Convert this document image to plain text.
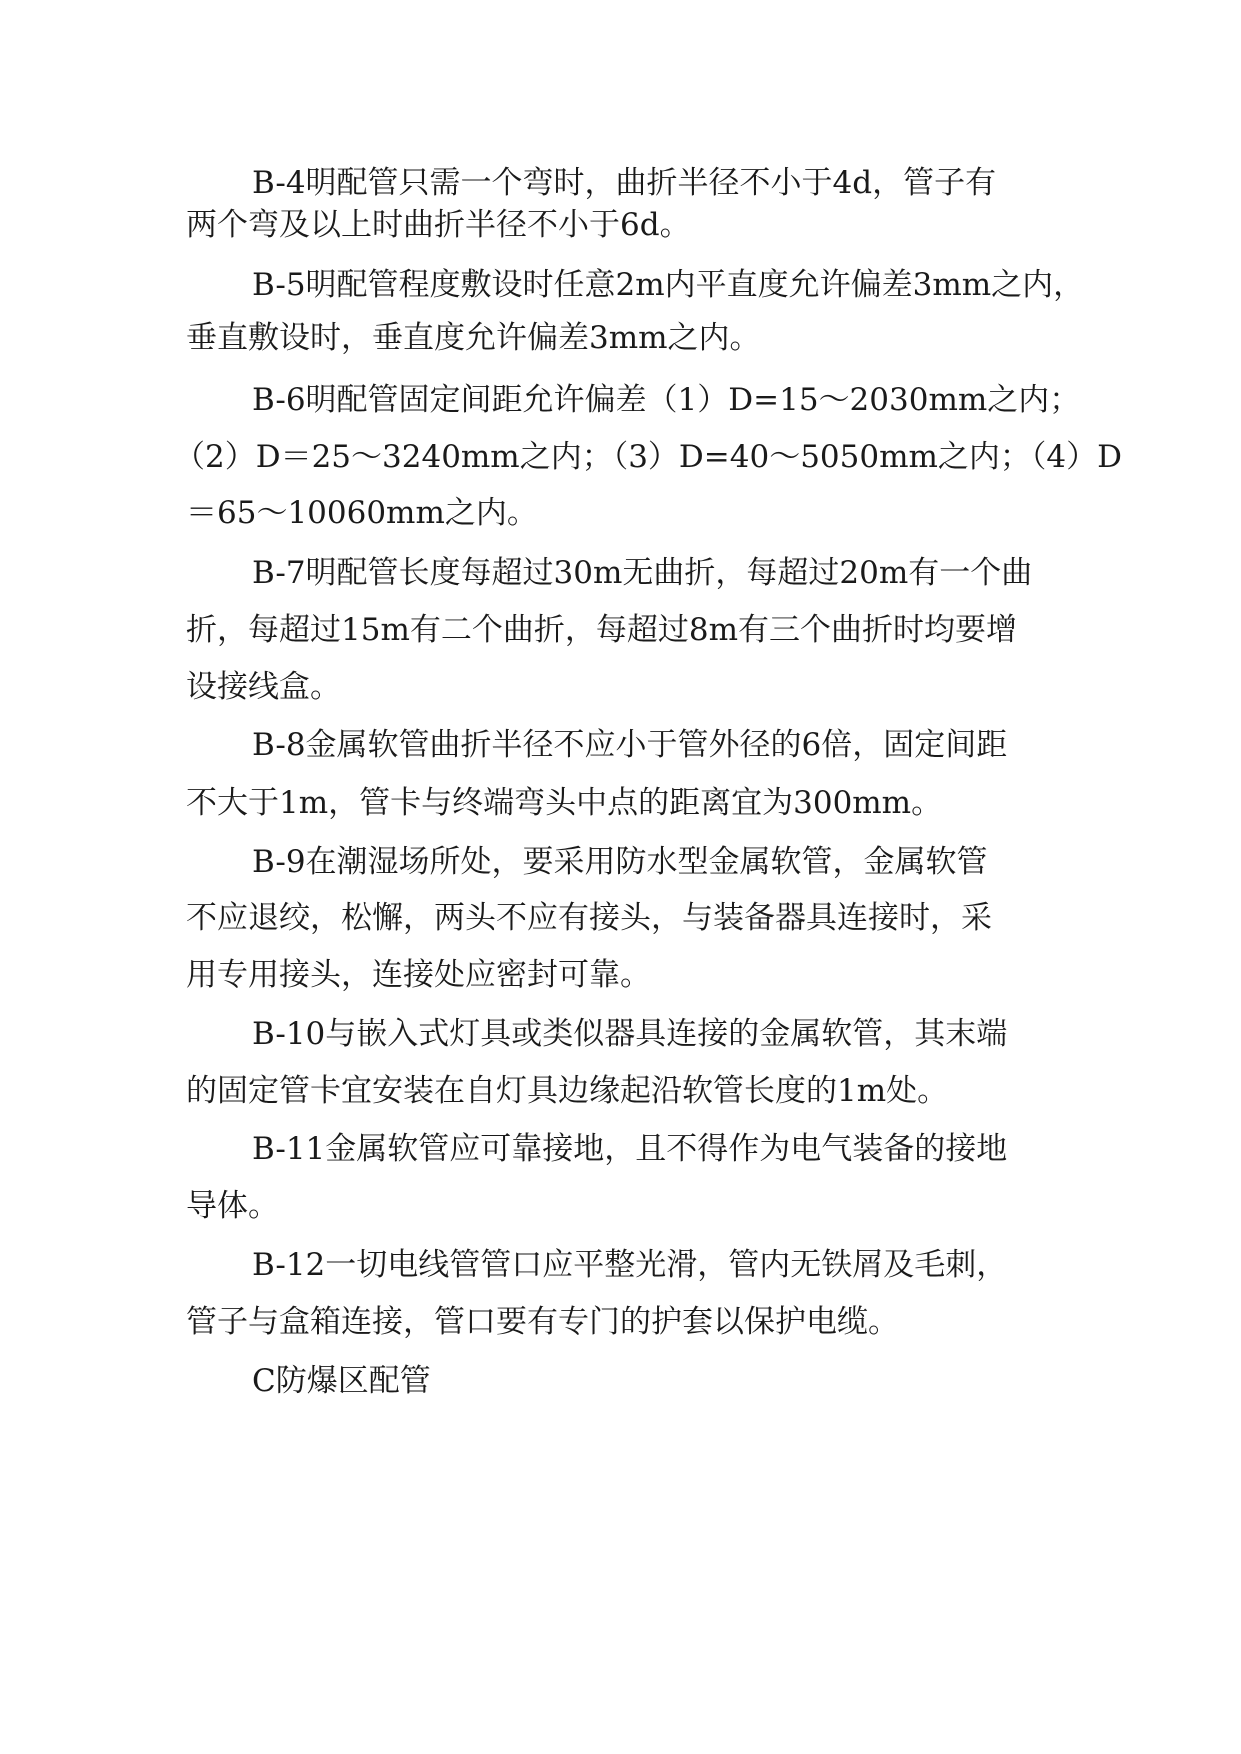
B-4明配管只需一个弯时，曲折半径不小于4d，管子有
两个弯及以上时曲折半径不小于6d。
B-5明配管程度敷设时任意2m内平直度允许偏差3mm之内，
垂直敷设时，垂直度允许偏差3mm之内。
B-6明配管固定间距允许偏差（1）D=15～2030mm之内；
（2）D＝25～3240mm之内；（3）D=40～5050mm之内；（4）D
＝65～10060mm之内。
B-7明配管长度每超过30m无曲折，每超过20m有一个曲
折，每超过15m有二个曲折，每超过8m有三个曲折时均要增
设接线盒。
B-8金属软管曲折半径不应小于管外径的6倍，固定间距
不大于1m，管卡与终端弯头中点的距离宜为300mm。
B-9在潮湿场所处，要采用防水型金属软管，金属软管
不应退绞，松懈，两头不应有接头，与装备器具连接时，采
用专用接头，连接处应密封可靠。
B-10与嵌入式灯具或类似器具连接的金属软管，其末端
的固定管卡宜安装在自灯具边缘起沿软管长度的1m处。
B-11金属软管应可靠接地，且不得作为电气装备的接地
导体。
B-12一切电线管管口应平整光滑，管内无铁屑及毛刺，
管子与盒箱连接，管口要有专门的护套以保护电缆。
C防爆区配管
